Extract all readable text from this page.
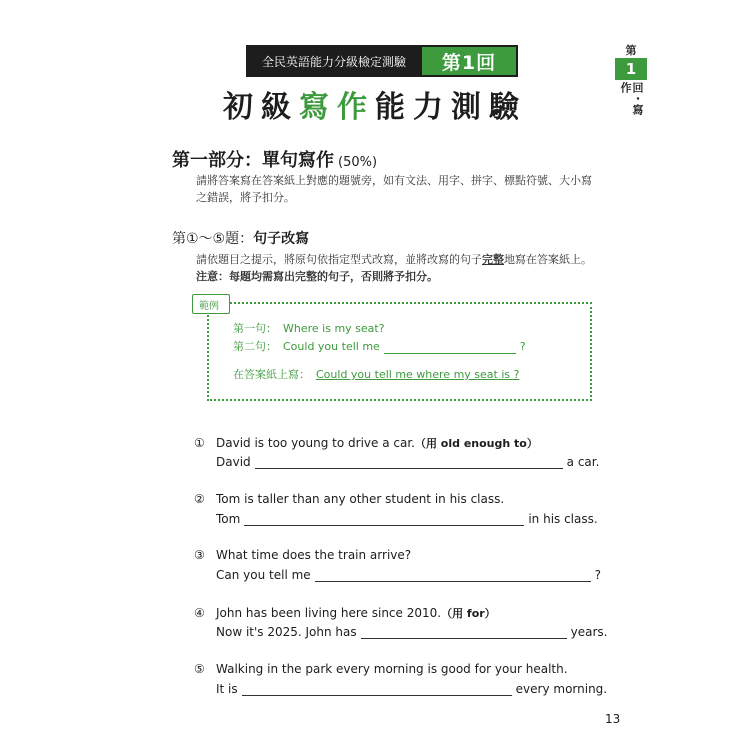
全民英語能力分級檢定測驗	第1回
初級寫作能力測驗
第
1
回・寫作
第一部分：單句寫作 (50%)
請將答案寫在答案紙上對應的題號旁，如有文法、用字、拼字、標點符號、大小寫之錯誤，將予扣分。
第①～⑤題：句子改寫
請依題目之提示，將原句依指定型式改寫，並將改寫的句子完整地寫在答案紙上。
注意：每題均需寫出完整的句子，否則將予扣分。
範例
第一句： Where is my seat?
第二句： Could you tell me	?
在答案紙上寫： Could you tell me where my seat is ?
① David is too young to drive a car.（用 old enough to）
David	a car.
② Tom is taller than any other student in his class.
Tom	in his class.
③ What time does the train arrive?
Can you tell me	?
④ John has been living here since 2010.（用 for）
Now it's 2025. John has	years.
⑤ Walking in the park every morning is good for your health.
It is	every morning.
13
